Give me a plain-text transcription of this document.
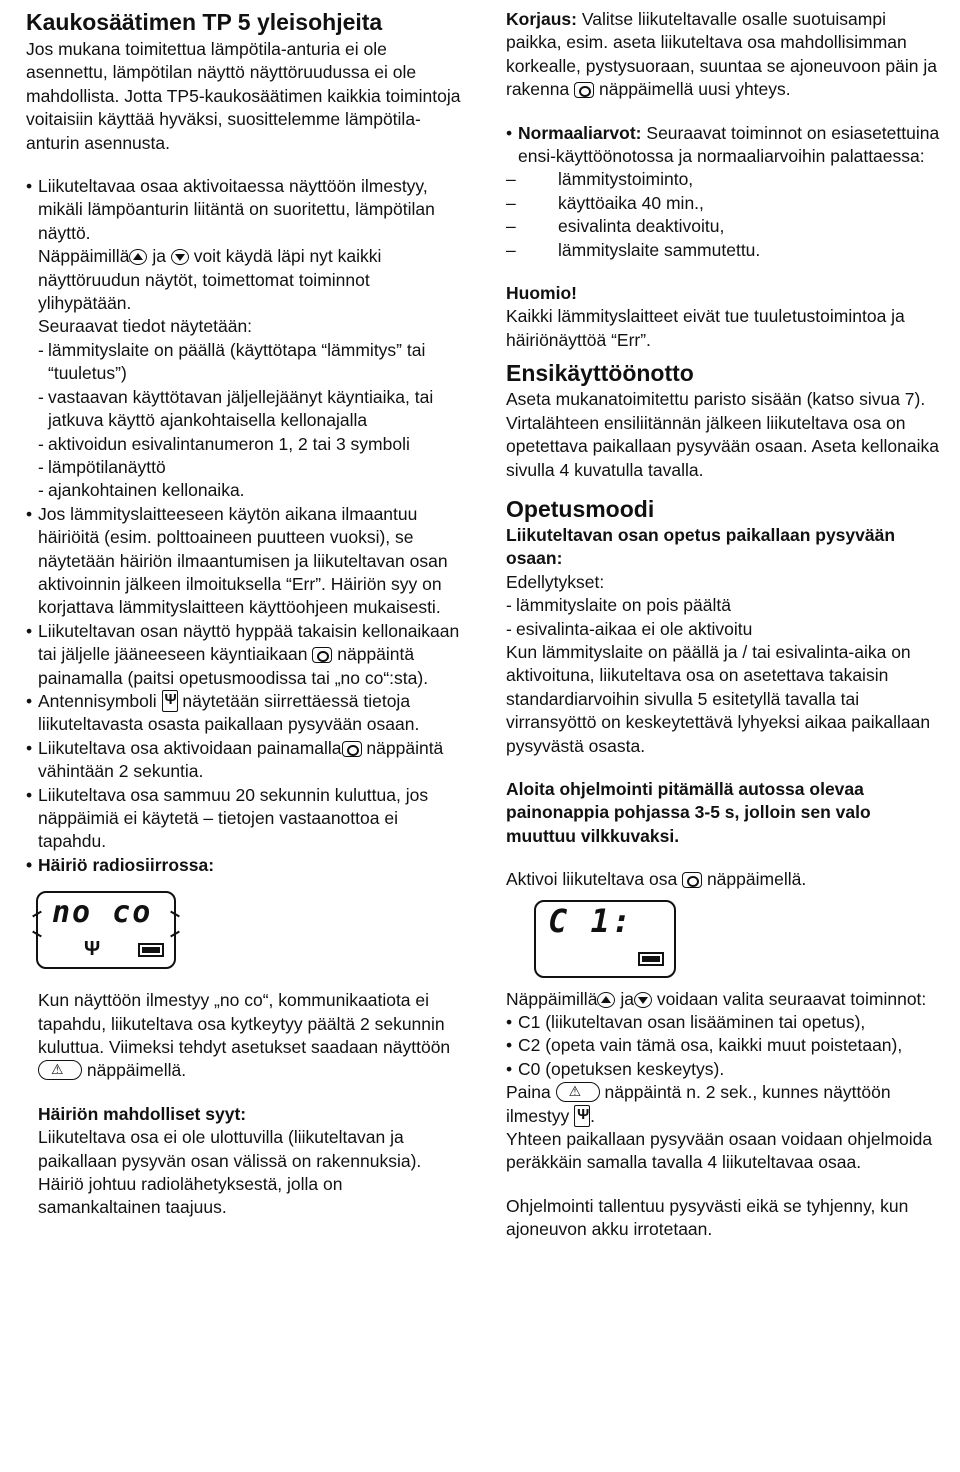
Kaukosäätimen TP 5 yleisohjeita

Jos mukana toimitettua lämpötila-anturia ei ole asennettu, lämpötilan näyttö näyttöruudussa ei ole mahdollista. Jotta TP5-kaukosäätimen kaikkia toimintoja voitaisiin käyttää hyväksi, suosittelemme lämpötila-anturin asennusta.

• Liikuteltavaa osaa aktivoitaessa näyttöön ilmestyy, mikäli lämpöanturin liitäntä on suoritettu, lämpötilan näyttö.

Näppäimillä ja voit käydä läpi nyt kaikki näyttöruudun näytöt, toimettomat toiminnot ylihypätään.

Seuraavat tiedot näytetään:

- lämmityslaite on päällä (käyttötapa “lämmitys” tai “tuuletus”)
- vastaavan käyttötavan jäljellejäänyt käyntiaika, tai jatkuva käyttö ajankohtaisella kellonajalla
- aktivoidun esivalintanumeron 1, 2 tai 3 symboli
- lämpötilanäyttö
- ajankohtainen kellonaika.

• Jos lämmityslaitteeseen käytön aikana ilmaantuu häiriöitä (esim. polttoaineen puutteen vuoksi), se näytetään häiriön ilmaantumisen ja liikuteltavan osan aktivoinnin jälkeen ilmoituksella “Err”. Häiriön syy on korjattava lämmityslaitteen käyttöohjeen mukaisesti.

• Liikuteltavan osan näyttö hyppää takaisin kellonaikaan tai jäljelle jääneeseen käyntiaikaan näppäintä painamalla (paitsi opetusmoodissa tai „no co“:sta).

• Antennisymboli Ψ näytetään siirrettäessä tietoja liikuteltavasta osasta paikallaan pysyvään osaan.

• Liikuteltava osa aktivoidaan painamalla näppäintä vähintään 2 sekuntia.

• Liikuteltava osa sammuu 20 sekunnin kuluttua, jos näppäimiä ei käytetä – tietojen vastaanottoa ei tapahdu.

• Häiriö radiosiirrossa:

no co
Ψ

Kun näyttöön ilmestyy „no co“, kommunikaatiota ei tapahdu, liikuteltava osa kytkeytyy päältä 2 sekunnin kuluttua. Viimeksi tehdyt asetukset saadaan näyttöön ⚠ näppäimellä.

Häiriön mahdolliset syyt:

Liikuteltava osa ei ole ulottuvilla (liikuteltavan ja paikallaan pysyvän osan välissä on rakennuksia). Häiriö johtuu radiolähetyksestä, jolla on samankaltainen taajuus.

Korjaus: Valitse liikuteltavalle osalle suotuisampi paikka, esim. aseta liikuteltava osa mahdollisimman korkealle, pystysuoraan, suuntaa se ajoneuvoon päin ja rakenna näppäimellä uusi yhteys.

• Normaaliarvot: Seuraavat toiminnot on esiasetettuina ensi-käyttöönotossa ja normaaliarvoihin palattaessa:

–	lämmitystoiminto,
–	käyttöaika 40 min.,
–	esivalinta deaktivoitu,
–	lämmityslaite sammutettu.

Huomio!

Kaikki lämmityslaitteet eivät tue tuuletustoimintoa ja häiriönäyttöä “Err”.

Ensikäyttöönotto

Aseta mukanatoimitettu paristo sisään (katso sivua 7). Virtalähteen ensiliitännän jälkeen liikuteltava osa on opetettava paikallaan pysyvään osaan. Aseta kellonaika sivulla 4 kuvatulla tavalla.

Opetusmoodi

Liikuteltavan osan opetus paikallaan pysyvään osaan:

Edellytykset:

- lämmityslaite on pois päältä
- esivalinta-aikaa ei ole aktivoitu

Kun lämmityslaite on päällä ja / tai esivalinta-aika on aktivoituna, liikuteltava osa on asetettava takaisin standardiarvoihin sivulla 5 esitetyllä tavalla tai virransyöttö on keskeytettävä lyhyeksi aikaa paikallaan pysyvästä osasta.

Aloita ohjelmointi pitämällä autossa olevaa painonappia pohjassa 3-5 s, jolloin sen valo muuttuu vilkkuvaksi.

Aktivoi liikuteltava osa näppäimellä.

C 1:

Näppäimillä ja voidaan valita seuraavat toiminnot:

• C1 (liikuteltavan osan lisääminen tai opetus),

• C2 (opeta vain tämä osa, kaikki muut poistetaan),

• C0 (opetuksen keskeytys).

Paina ⚠	näppäintä n. 2 sek., kunnes näyttöön ilmestyy Ψ .

Yhteen paikallaan pysyvään osaan voidaan ohjelmoida peräkkäin samalla tavalla 4 liikuteltavaa osaa.

Ohjelmointi tallentuu pysyvästi eikä se tyhjenny, kun ajoneuvon akku irrotetaan.
